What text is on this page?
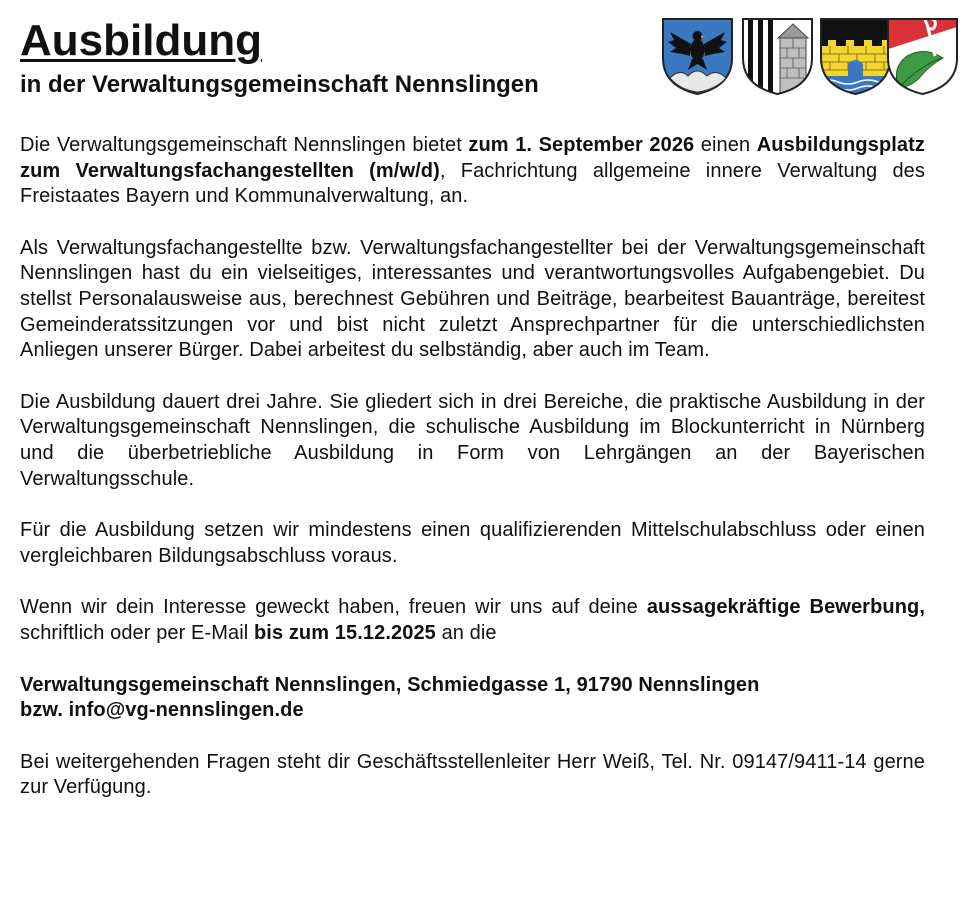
Ausbildung
in der Verwaltungsgemeinschaft Nennslingen

Die Verwaltungsgemeinschaft Nennslingen bietet zum 1. September 2026 einen Ausbildungsplatz zum Verwaltungsfachangestellten (m/w/d), Fachrichtung allgemeine innere Verwaltung des Freistaates Bayern und Kommunalverwaltung, an.

Als Verwaltungsfachangestellte bzw. Verwaltungsfachangestellter bei der Verwaltungsgemeinschaft Nennslingen hast du ein vielseitiges, interessantes und verantwortungsvolles Aufgabengebiet. Du stellst Personalausweise aus, berechnest Gebühren und Beiträge, bearbeitest Bauanträge, bereitest Gemeinderatssitzungen vor und bist nicht zuletzt Ansprechpartner für die unterschiedlichsten Anliegen unserer Bürger. Dabei arbeitest du selbständig, aber auch im Team.

Die Ausbildung dauert drei Jahre. Sie gliedert sich in drei Bereiche, die praktische Ausbildung in der Verwaltungsgemeinschaft Nennslingen, die schulische Ausbildung im Blockunterricht in Nürnberg und die überbetriebliche Ausbildung in Form von Lehrgängen an der Bayerischen Verwaltungsschule.

Für die Ausbildung setzen wir mindestens einen qualifizierenden Mittelschulabschluss oder einen vergleichbaren Bildungsabschluss voraus.

Wenn wir dein Interesse geweckt haben, freuen wir uns auf deine aussagekräftige Bewerbung, schriftlich oder per E-Mail bis zum 15.12.2025 an die

Verwaltungsgemeinschaft Nennslingen, Schmiedgasse 1, 91790 Nennslingen
bzw. info@vg-nennslingen.de

Bei weitergehenden Fragen steht dir Geschäftsstellenleiter Herr Weiß, Tel. Nr. 09147/9411-14 gerne zur Verfügung.
